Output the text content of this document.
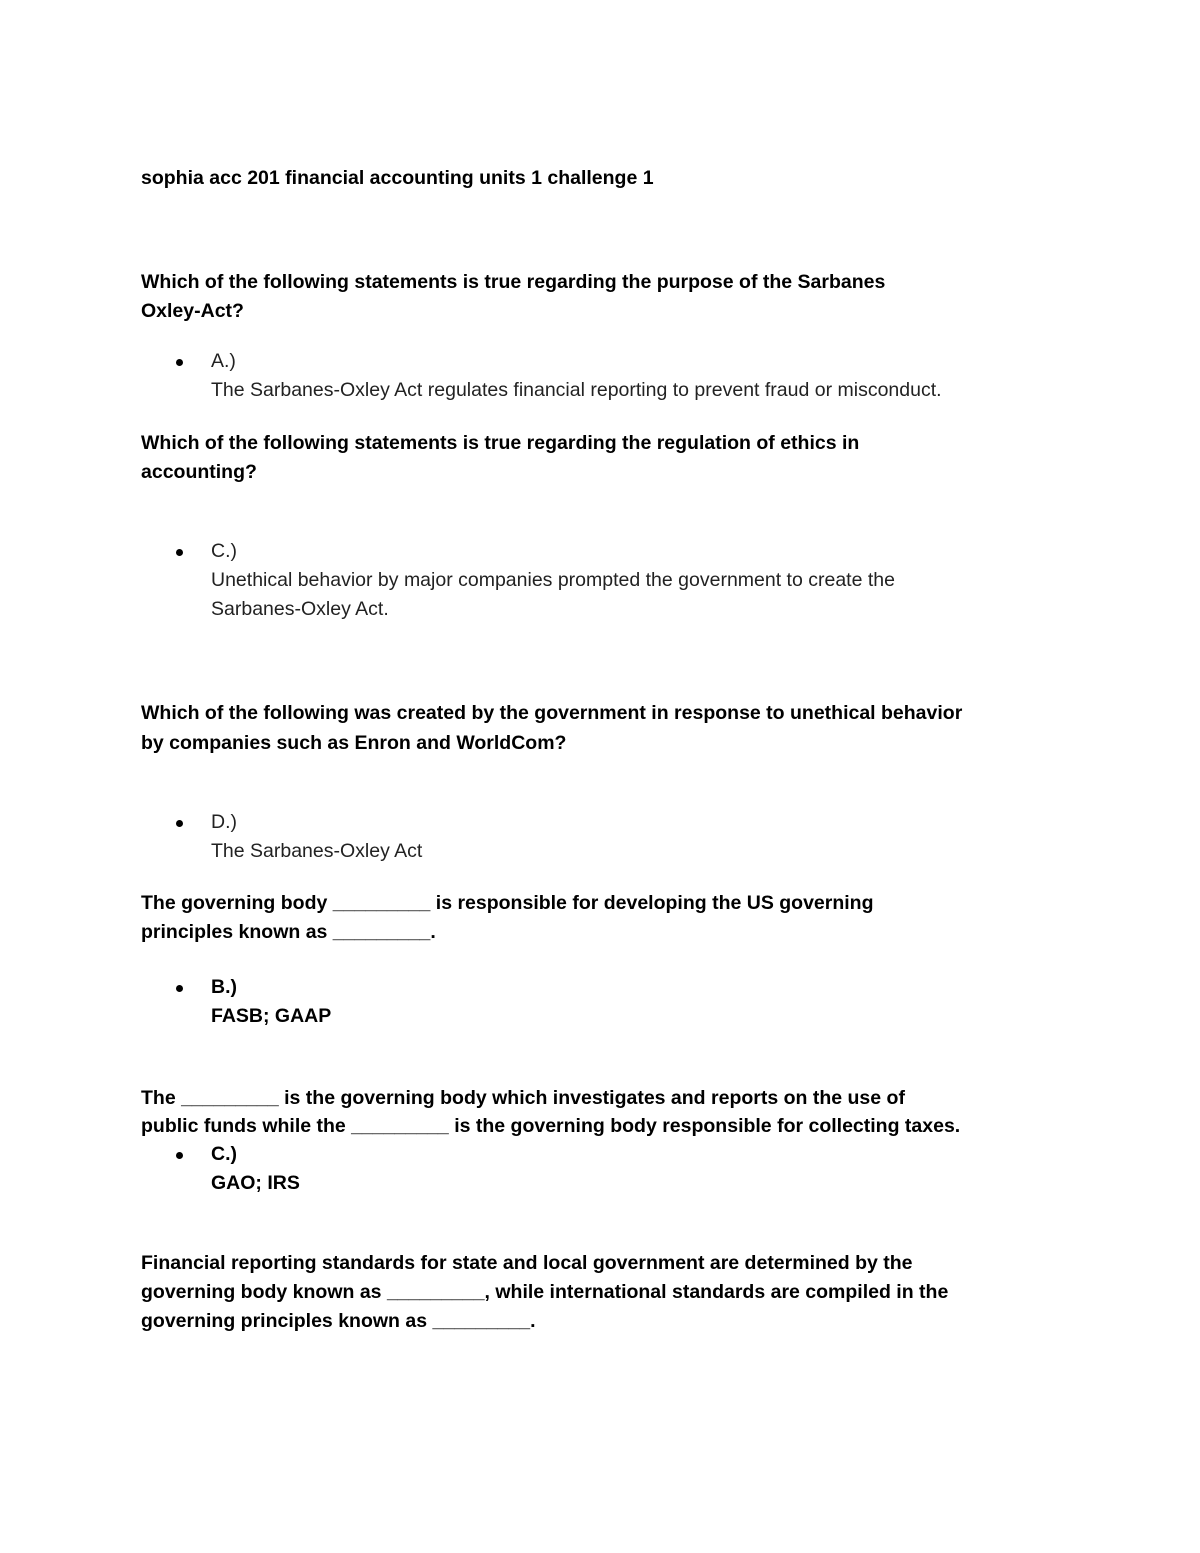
sophia acc 201 financial accounting units 1 challenge 1
Which of the following statements is true regarding the purpose of the Sarbanes
Oxley-Act?
A.)
The Sarbanes-Oxley Act regulates financial reporting to prevent fraud or misconduct.
Which of the following statements is true regarding the regulation of ethics in
accounting?
C.)
Unethical behavior by major companies prompted the government to create the
Sarbanes-Oxley Act.
Which of the following was created by the government in response to unethical behavior
by companies such as Enron and WorldCom?
D.)
The Sarbanes-Oxley Act
The governing body _________ is responsible for developing the US governing
principles known as _________.
B.)
FASB; GAAP
The _________ is the governing body which investigates and reports on the use of
public funds while the _________ is the governing body responsible for collecting taxes.
C.)
GAO; IRS
Financial reporting standards for state and local government are determined by the
governing body known as _________, while international standards are compiled in the
governing principles known as _________.
